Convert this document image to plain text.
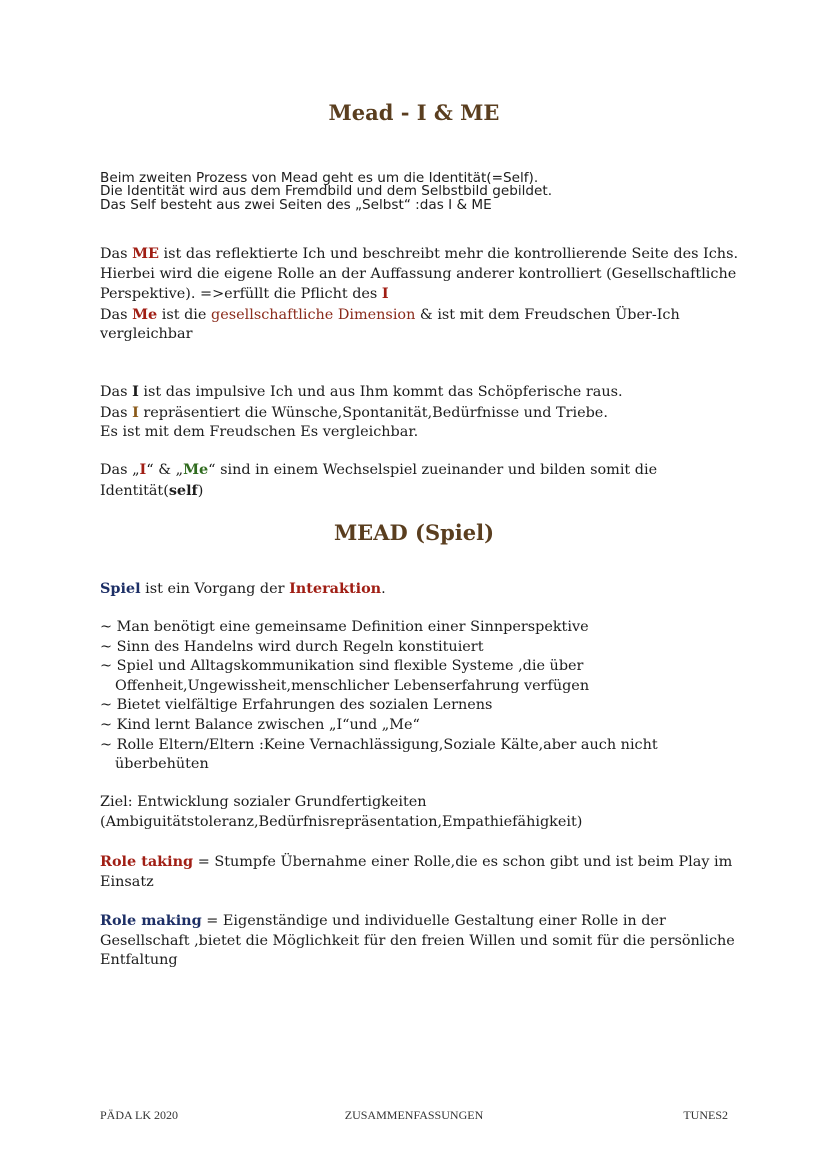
Mead - I & ME
Beim zweiten Prozess von Mead geht es um die Identität(=Self).
Die Identität wird aus dem Fremdbild und dem Selbstbild gebildet.
Das Self besteht aus zwei Seiten des „Selbst“ :das I & ME
Das ME ist das reflektierte Ich und beschreibt mehr die kontrollierende Seite des Ichs.
Hierbei wird die eigene Rolle an der Auffassung anderer kontrolliert (Gesellschaftliche Perspektive). =>erfüllt die Pflicht des I
Das Me ist die gesellschaftliche Dimension & ist mit dem Freudschen Über-Ich vergleichbar
Das I ist das impulsive Ich und aus Ihm kommt das Schöpferische raus.
Das I repräsentiert die Wünsche,Spontanität,Bedürfnisse und Triebe.
Es ist mit dem Freudschen Es vergleichbar.
Das „I“ & „Me“ sind in einem Wechselspiel zueinander und bilden somit die Identität(self)
MEAD (Spiel)
Spiel ist ein Vorgang der Interaktion.
~ Man benötigt eine gemeinsame Definition einer Sinnperspektive
~ Sinn des Handelns wird durch Regeln konstituiert
~ Spiel und Alltagskommunikation sind flexible Systeme ,die über Offenheit,Ungewissheit,menschlicher Lebenserfahrung verfügen
~ Bietet vielfältige Erfahrungen des sozialen Lernens
~ Kind lernt Balance zwischen „I“und „Me“
~ Rolle Eltern/Eltern :Keine Vernachlässigung,Soziale Kälte,aber auch nicht überbehüten
Ziel: Entwicklung sozialer Grundfertigkeiten
(Ambiguitätstoleranz,Bedürfnisrepräsentation,Empathiefähigkeit)
Role taking = Stumpfe Übernahme einer Rolle,die es schon gibt und ist beim Play im Einsatz
Role making = Eigenständige und individuelle Gestaltung einer Rolle in der Gesellschaft ,bietet die Möglichkeit für den freien Willen und somit für die persönliche Entfaltung
PÄDA LK 2020	ZUSAMMENFASSUNGEN	TUNES2
